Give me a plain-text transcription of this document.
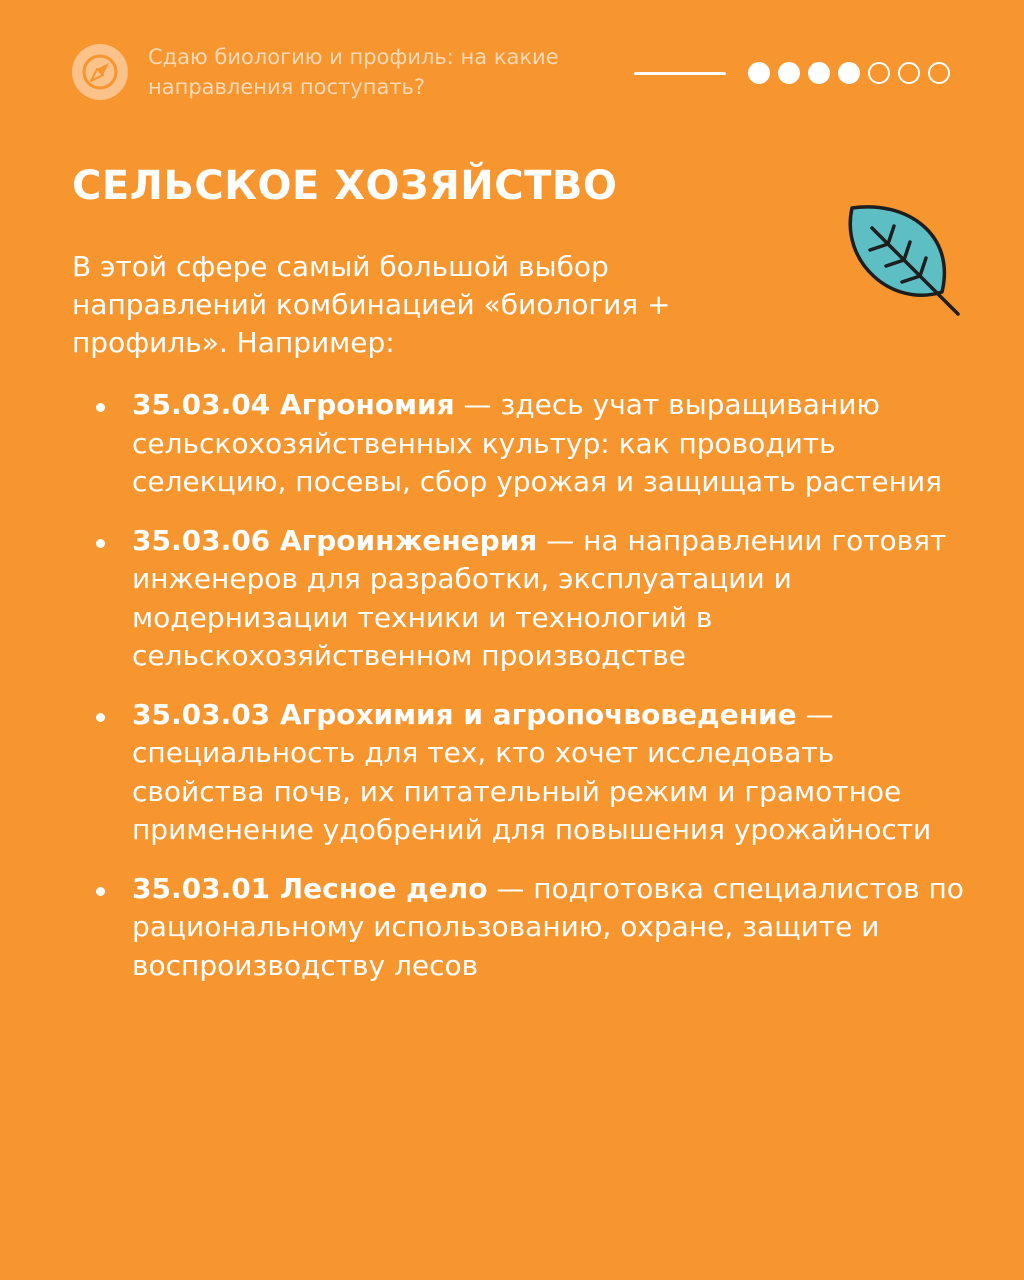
Сдаю биологию и профиль: на какие направления поступать?
СЕЛЬСКОЕ ХОЗЯЙСТВО

В этой сфере самый большой выбор направлений комбинацией «биология + профиль». Например:

35.03.04 Агрономия — здесь учат выращиванию сельскохозяйственных культур: как проводить селекцию, посевы, сбор урожая и защищать растения
35.03.06 Агроинженерия — на направлении готовят инженеров для разработки, эксплуатации и модернизации техники и технологий в сельскохозяйственном производстве
35.03.03 Агрохимия и агропочвоведение — специальность для тех, кто хочет исследовать свойства почв, их питательный режим и грамотное применение удобрений для повышения урожайности
35.03.01 Лесное дело — подготовка специалистов по рациональному использованию, охране, защите и воспроизводству лесов
